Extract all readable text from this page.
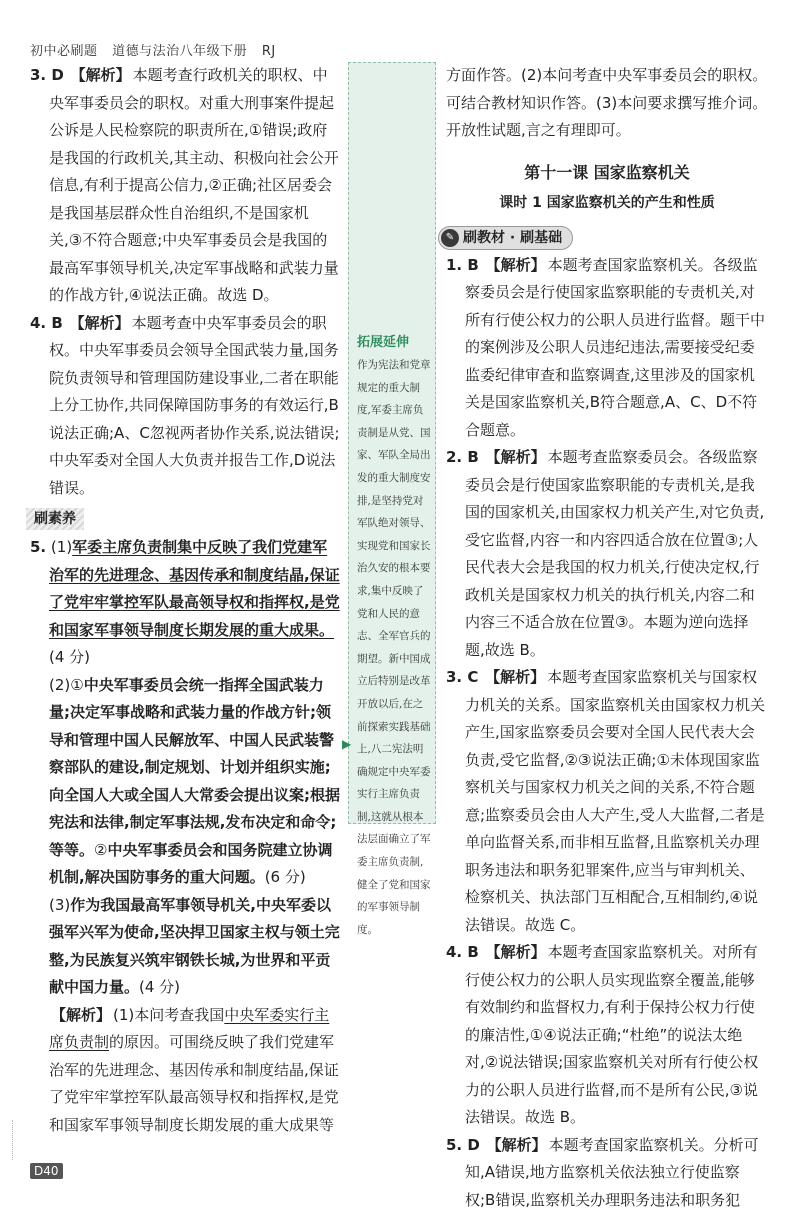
初中必刷题 道德与法治八年级下册 RJ

3. D 【解析】 本题考查行政机关的职权、中央军事委员会的职权。对重大刑事案件提起公诉是人民检察院的职责所在,①错误;政府是我国的行政机关,其主动、积极向社会公开信息,有利于提高公信力,②正确;社区居委会是我国基层群众性自治组织,不是国家机关,③不符合题意;中央军事委员会是我国的最高军事领导机关,决定军事战略和武装力量的作战方针,④说法正确。故选 D。

4. B 【解析】 本题考查中央军事委员会的职权。中央军事委员会领导全国武装力量,国务院负责领导和管理国防建设事业,二者在职能上分工协作,共同保障国防事务的有效运行,B说法正确;A、C忽视两者协作关系,说法错误;中央军委对全国人大负责并报告工作,D说法错误。

刷素养

5. (1)军委主席负责制集中反映了我们党建军治军的先进理念、基因传承和制度结晶,保证了党牢牢掌控军队最高领导权和指挥权,是党和国家军事领导制度长期发展的重大成果。(4 分)

(2)①中央军事委员会统一指挥全国武装力量;决定军事战略和武装力量的作战方针;领导和管理中国人民解放军、中国人民武装警察部队的建设,制定规划、计划并组织实施;向全国人大或全国人大常委会提出议案;根据宪法和法律,制定军事法规,发布决定和命令;等等。②中央军事委员会和国务院建立协调机制,解决国防事务的重大问题。(6 分)

(3)作为我国最高军事领导机关,中央军委以强军兴军为使命,坚决捍卫国家主权与领土完整,为民族复兴筑牢钢铁长城,为世界和平贡献中国力量。(4 分)

【解析】 (1)本问考查我国中央军委实行主席负责制的原因。可围绕反映了我们党建军治军的先进理念、基因传承和制度结晶,保证了党牢牢掌控军队最高领导权和指挥权,是党和国家军事领导制度长期发展的重大成果等

拓展延伸

作为宪法和党章规定的重大制度,军委主席负责制是从党、国家、军队全局出发的重大制度安排,是坚持党对军队绝对领导、实现党和国家长治久安的根本要求,集中反映了党和人民的意志、全军官兵的期望。新中国成立后特别是改革开放以后,在之前探索实践基础上,八二宪法明确规定中央军委实行主席负责制,这就从根本法层面确立了军委主席负责制,健全了党和国家的军事领导制度。

▶

方面作答。(2)本问考查中央军事委员会的职权。可结合教材知识作答。(3)本问要求撰写推介词。开放性试题,言之有理即可。

第十一课 国家监察机关
课时 1 国家监察机关的产生和性质
✎ 刷教材 · 刷基础

1. B 【解析】 本题考查国家监察机关。各级监察委员会是行使国家监察职能的专责机关,对所有行使公权力的公职人员进行监督。题干中的案例涉及公职人员违纪违法,需要接受纪委监委纪律审查和监察调查,这里涉及的国家机关是国家监察机关,B符合题意,A、C、D不符合题意。

2. B 【解析】 本题考查监察委员会。各级监察委员会是行使国家监察职能的专责机关,是我国的国家机关,由国家权力机关产生,对它负责,受它监督,内容一和内容四适合放在位置③;人民代表大会是我国的权力机关,行使决定权,行政机关是国家权力机关的执行机关,内容二和内容三不适合放在位置③。本题为逆向选择题,故选 B。

3. C 【解析】 本题考查国家监察机关与国家权力机关的关系。国家监察机关由国家权力机关产生,国家监察委员会要对全国人民代表大会负责,受它监督,②③说法正确;①未体现国家监察机关与国家权力机关之间的关系,不符合题意;监察委员会由人大产生,受人大监督,二者是单向监督关系,而非相互监督,且监察机关办理职务违法和职务犯罪案件,应当与审判机关、检察机关、执法部门互相配合,互相制约,④说法错误。故选 C。

4. B 【解析】 本题考查国家监察机关。对所有行使公权力的公职人员实现监察全覆盖,能够有效制约和监督权力,有利于保持公权力行使的廉洁性,①④说法正确;“杜绝”的说法太绝对,②说法错误;国家监察机关对所有行使公权力的公职人员进行监督,而不是所有公民,③说法错误。故选 B。

5. D 【解析】 本题考查国家监察机关。分析可知,A错误,地方监察机关依法独立行使监察权;B错误,监察机关办理职务违法和职务犯

D40
